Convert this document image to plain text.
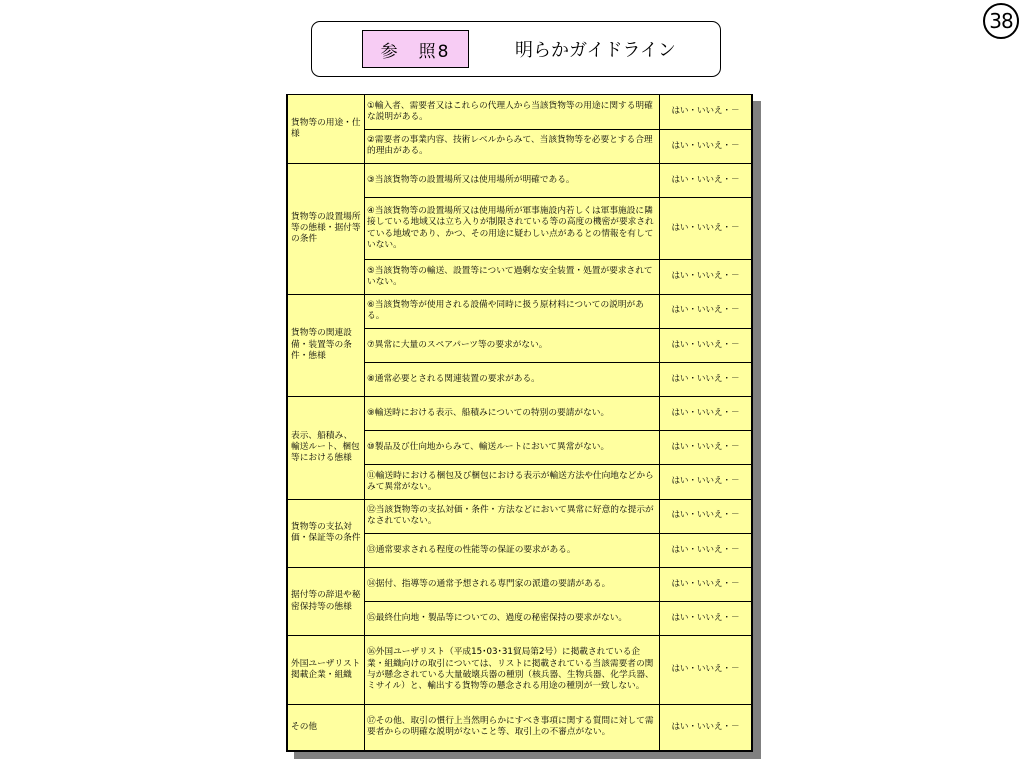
38
参　照8	明らかガイドライン
貨物等の用途・仕様	①輸入者、需要者又はこれらの代理人から当該貨物等の用途に関する明確な説明がある。	はい・いいえ・－
	②需要者の事業内容、技術レベルからみて、当該貨物等を必要とする合理的理由がある。	はい・いいえ・－
貨物等の設置場所等の態様・据付等の条件	③当該貨物等の設置場所又は使用場所が明確である。	はい・いいえ・－
	④当該貨物等の設置場所又は使用場所が軍事施設内若しくは軍事施設に隣接している地域又は立ち入りが制限されている等の高度の機密が要求されている地域であり、かつ、その用途に疑わしい点があるとの情報を有していない。	はい・いいえ・－
	⑤当該貨物等の輸送、設置等について過剰な安全装置・処置が要求されていない。	はい・いいえ・－
貨物等の関連設備・装置等の条件・態様	⑥当該貨物等が使用される設備や同時に扱う原材料についての説明がある。	はい・いいえ・－
	⑦異常に大量のスペアパーツ等の要求がない。	はい・いいえ・－
	⑧通常必要とされる関連装置の要求がある。	はい・いいえ・－
表示、船積み、輸送ルート、梱包等における態様	⑨輸送時における表示、船積みについての特別の要請がない。	はい・いいえ・－
	⑩製品及び仕向地からみて、輸送ルートにおいて異常がない。	はい・いいえ・－
	⑪輸送時における梱包及び梱包における表示が輸送方法や仕向地などからみて異常がない。	はい・いいえ・－
貨物等の支払対価・保証等の条件	⑫当該貨物等の支払対価・条件・方法などにおいて異常に好意的な提示がなされていない。	はい・いいえ・－
	⑬通常要求される程度の性能等の保証の要求がある。	はい・いいえ・－
据付等の辞退や秘密保持等の態様	⑭据付、指導等の通常予想される専門家の派遣の要請がある。	はい・いいえ・－
	⑮最終仕向地・製品等についての、過度の秘密保持の要求がない。	はい・いいえ・－
外国ユーザリスト掲載企業・組織	⑯外国ユーザリスト（平成15･03･31貿局第2号）に掲載されている企業・組織向けの取引については、リストに掲載されている当該需要者の関与が懸念されている大量破壊兵器の種別（核兵器、生物兵器、化学兵器、ミサイル）と、輸出する貨物等の懸念される用途の種別が一致しない。	はい・いいえ・－
その他	⑰その他、取引の慣行上当然明らかにすべき事項に関する質問に対して需要者からの明確な説明がないこと等、取引上の不審点がない。	はい・いいえ・－
